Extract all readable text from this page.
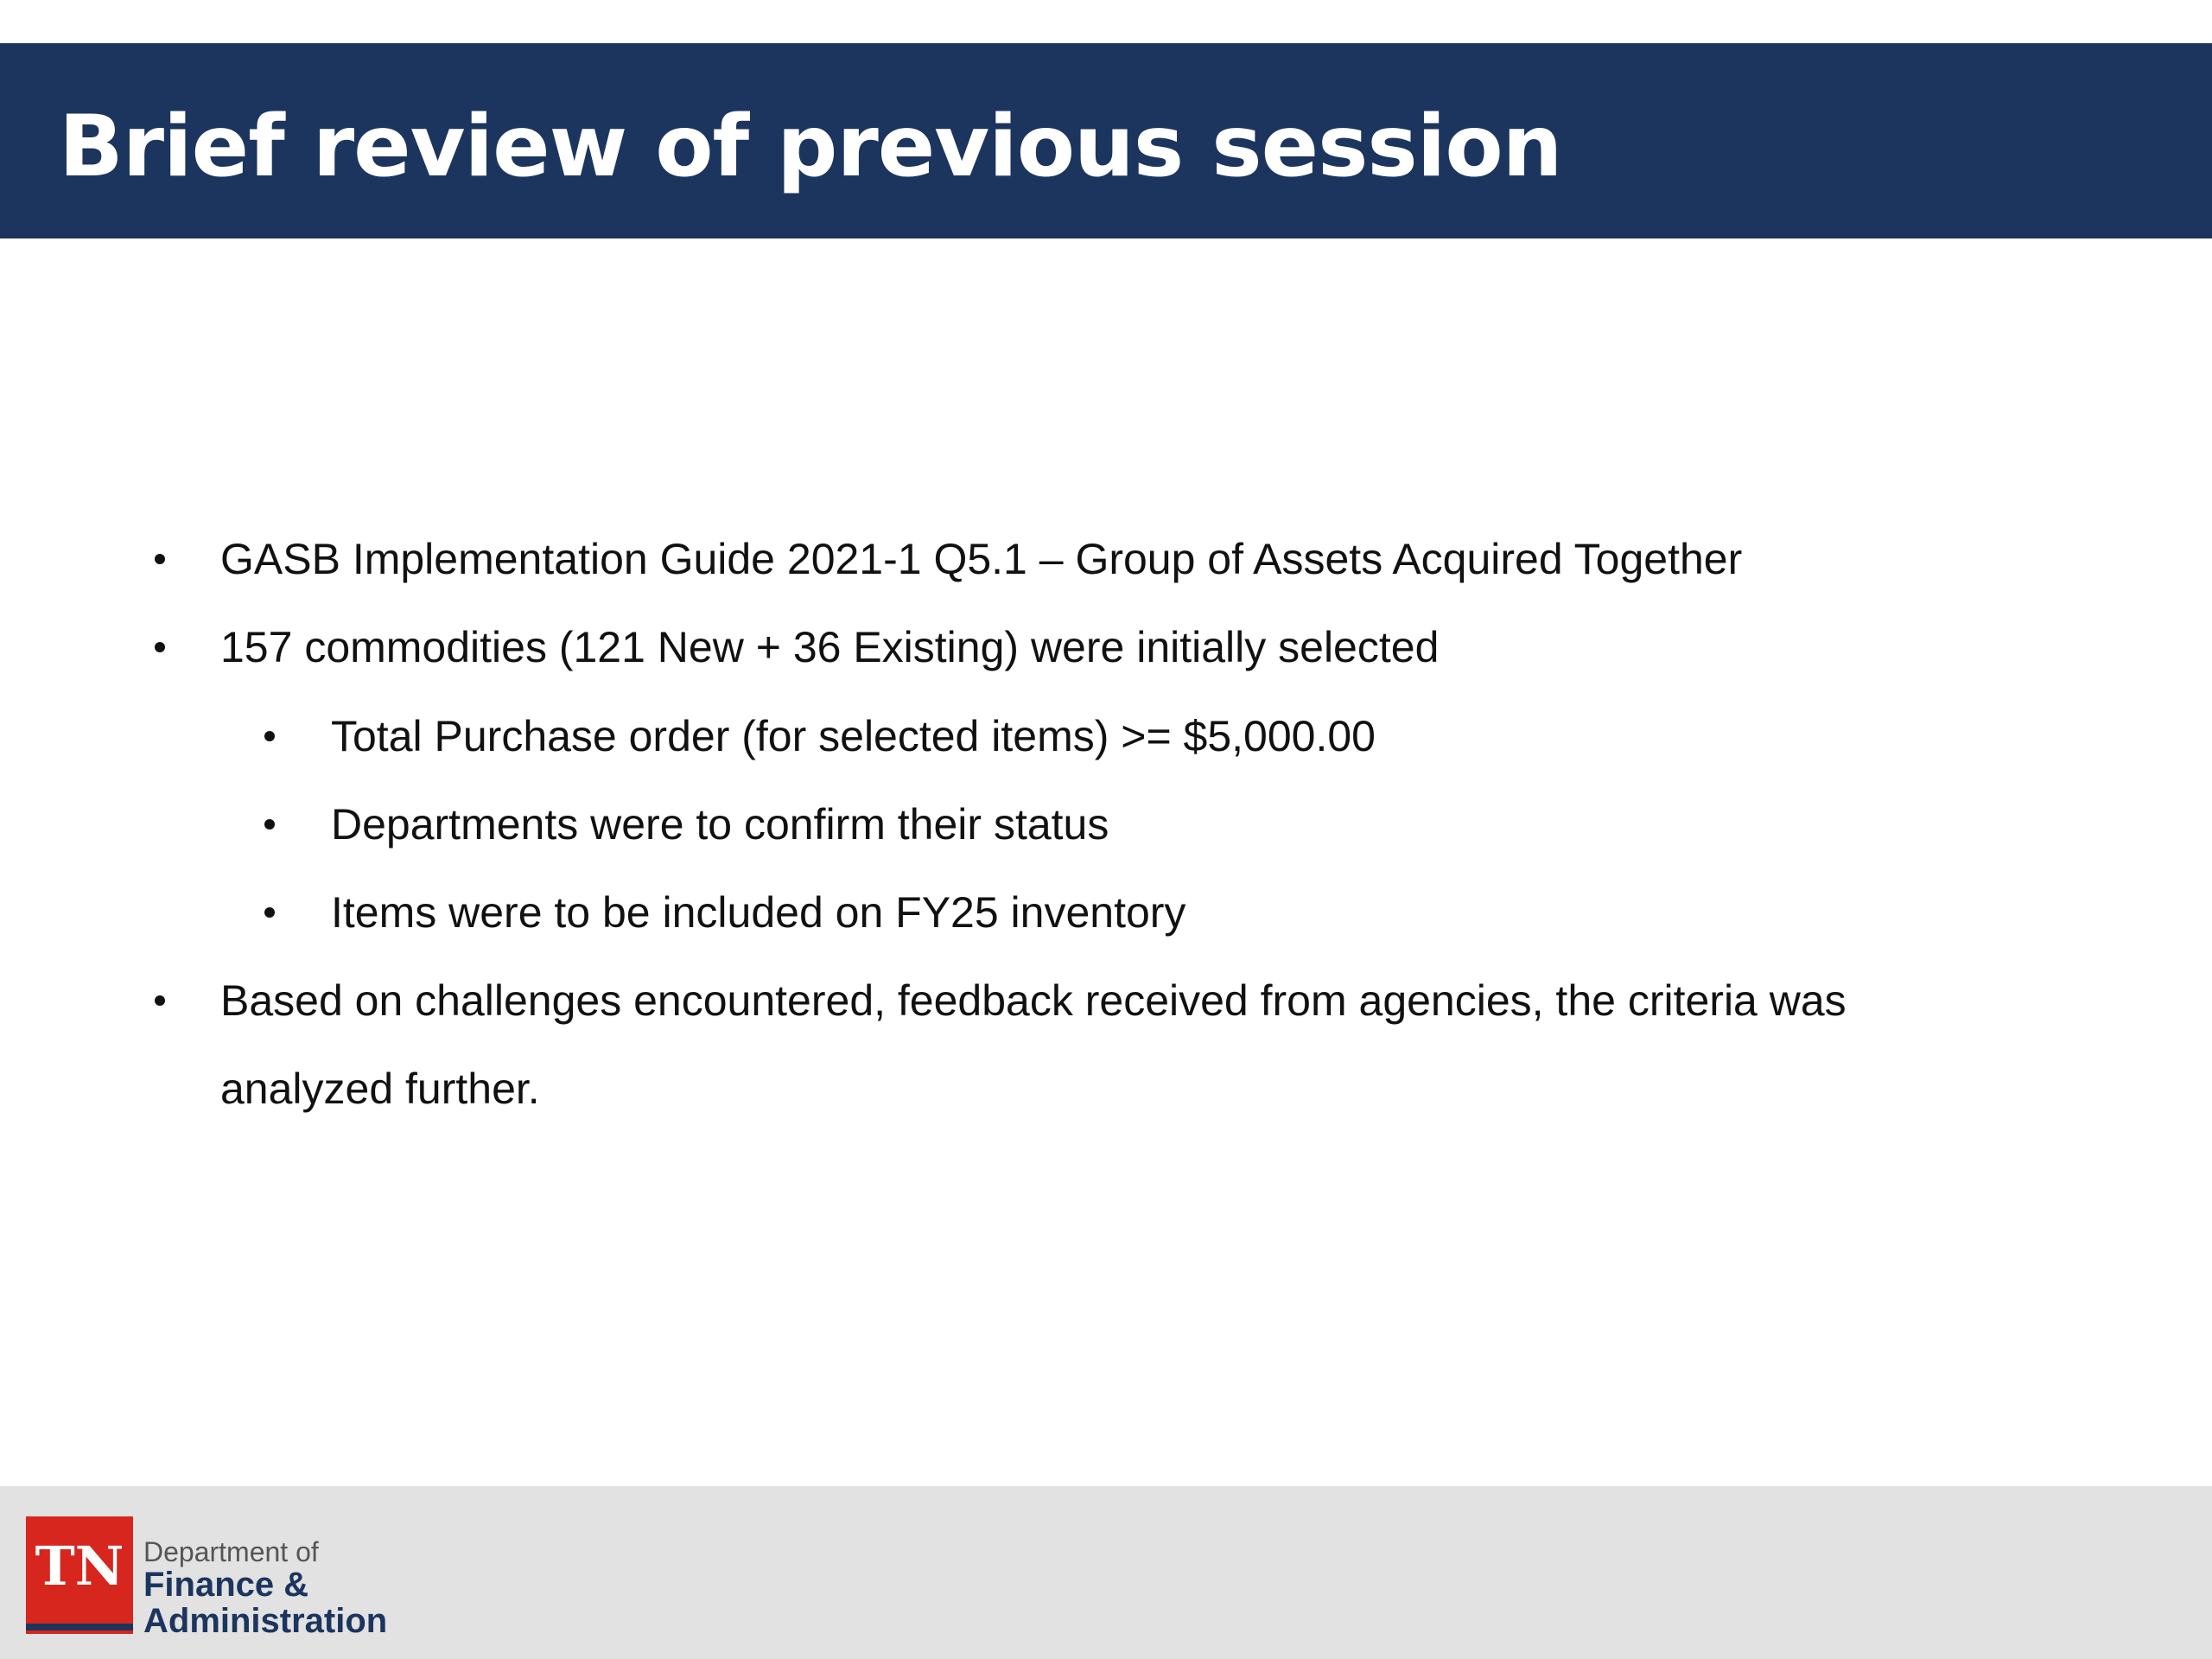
Brief review of previous session
GASB Implementation Guide 2021-1 Q5.1 – Group of Assets Acquired Together
157 commodities (121 New + 36 Existing) were initially selected
Total Purchase order (for selected items) >= $5,000.00
Departments were to confirm their status
Items were to be included on FY25 inventory
Based on challenges encountered, feedback received from agencies, the criteria was
analyzed further.
TN Department of
Finance &
Administration
